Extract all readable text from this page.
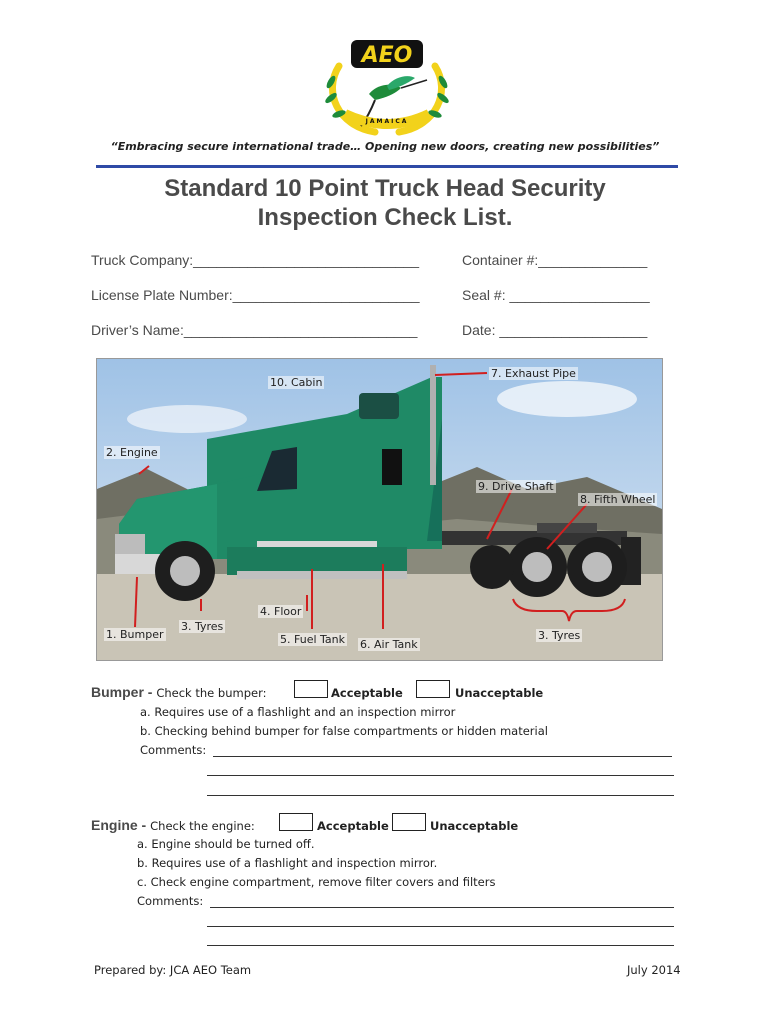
AEO
JAMAICA
“Embracing secure international trade… Opening new doors, creating new possibilities”
Standard 10 Point Truck Head Security
Inspection Check List.
Truck Company:_____________________________	Container #:______________
License Plate Number:________________________	Seal #: __________________
Driver’s Name:______________________________	Date: ___________________
10. Cabin
7. Exhaust Pipe
2. Engine
9. Drive Shaft
8. Fifth Wheel
4. Floor
3. Tyres
1. Bumper	5. Fuel Tank 6. Air Tank
3. Tyres
Bumper - Check the bumper:	Acceptable	Unacceptable
a. Requires use of a flashlight and an inspection mirror
b. Checking behind bumper for false compartments or hidden material
Comments:
Engine - Check the engine:	Acceptable	Unacceptable
a. Engine should be turned off.
b. Requires use of a flashlight and inspection mirror.
c. Check engine compartment, remove filter covers and filters
Comments:
Prepared by: JCA AEO Team	July 2014
